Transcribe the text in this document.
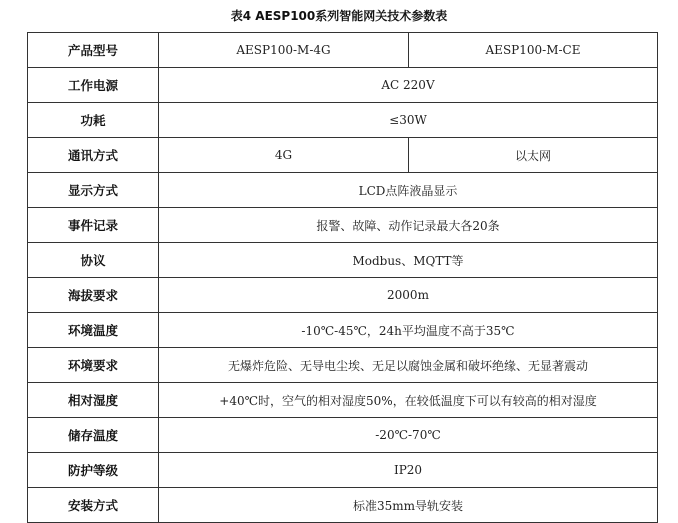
表4 AESP100系列智能网关技术参数表
产品型号	AESP100-M-4G	AESP100-M-CE
工作电源	AC 220V	
功耗	≤30W	
通讯方式	4G	以太网
显示方式	LCD点阵液晶显示	
事件记录	报警、故障、动作记录最大各20条	
协议	Modbus、MQTT等	
海拔要求	2000m	
环境温度	-10℃-45℃，24h平均温度不高于35℃	
环境要求	无爆炸危险、无导电尘埃、无足以腐蚀金属和破坏绝缘、无显著震动	
相对湿度	+40℃时，空气的相对湿度50%，在较低温度下可以有较高的相对湿度	
储存温度	-20℃-70℃	
防护等级	IP20	
安装方式	标准35mm导轨安装	
